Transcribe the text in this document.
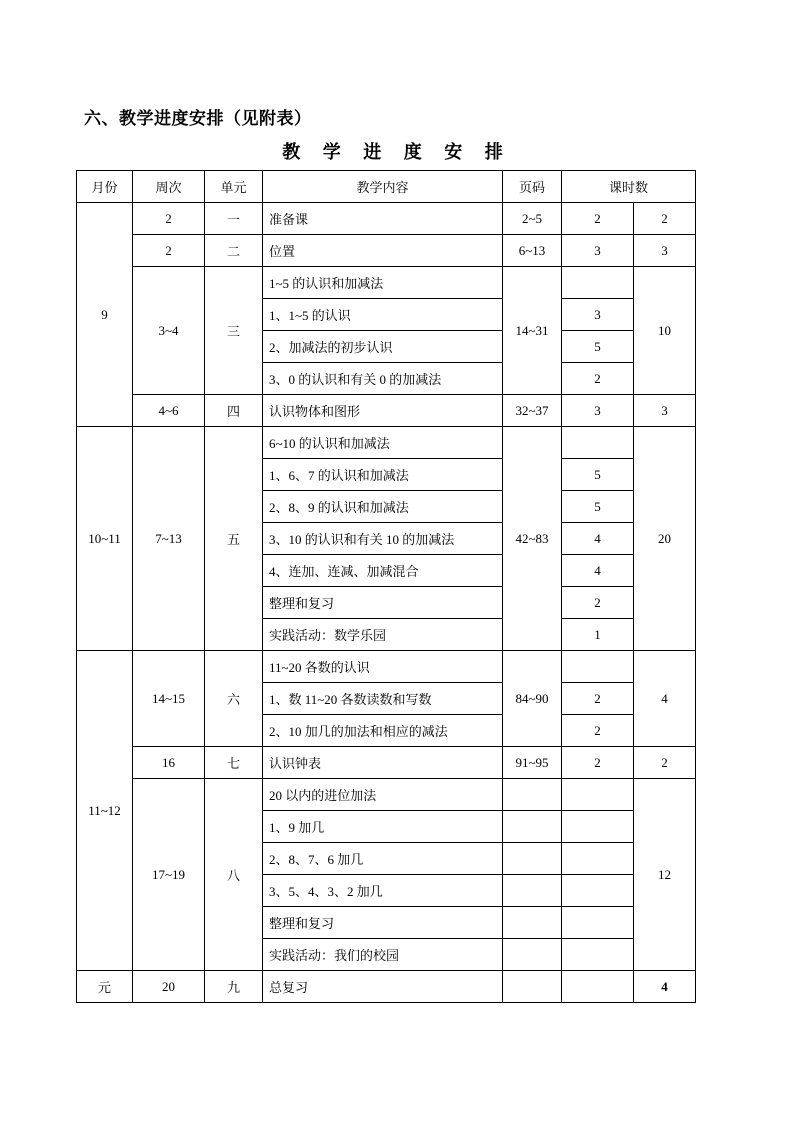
六、教学进度安排（见附表）
教 学 进 度 安 排
月份	周次	单元	教学内容	页码	课时数	
9	2	一	准备课	2~5	2	2
	2	二	位置	6~13	3	3
	3~4	三	1~5 的认识和加减法	14~31		10
			1、1~5 的认识		3	
			2、加减法的初步认识		5	
			3、0 的认识和有关 0 的加减法		2	
	4~6	四	认识物体和图形	32~37	3	3
10~11	7~13	五	6~10 的认识和加减法	42~83		20
			1、6、7 的认识和加减法		5	
			2、8、9 的认识和加减法		5	
			3、10 的认识和有关 10 的加减法		4	
			4、连加、连减、加减混合		4	
			整理和复习		2	
			实践活动：数学乐园		1	
11~12	14~15	六	11~20 各数的认识	84~90		4
			1、数 11~20 各数读数和写数		2	
			2、10 加几的加法和相应的减法		2	
	16	七	认识钟表	91~95	2	2
	17~19	八	20 以内的进位加法			12
			1、9 加几			
			2、8、7、6 加几			
			3、5、4、3、2 加几			
			整理和复习			
			实践活动：我们的校园			
元	20	九	总复习			4
